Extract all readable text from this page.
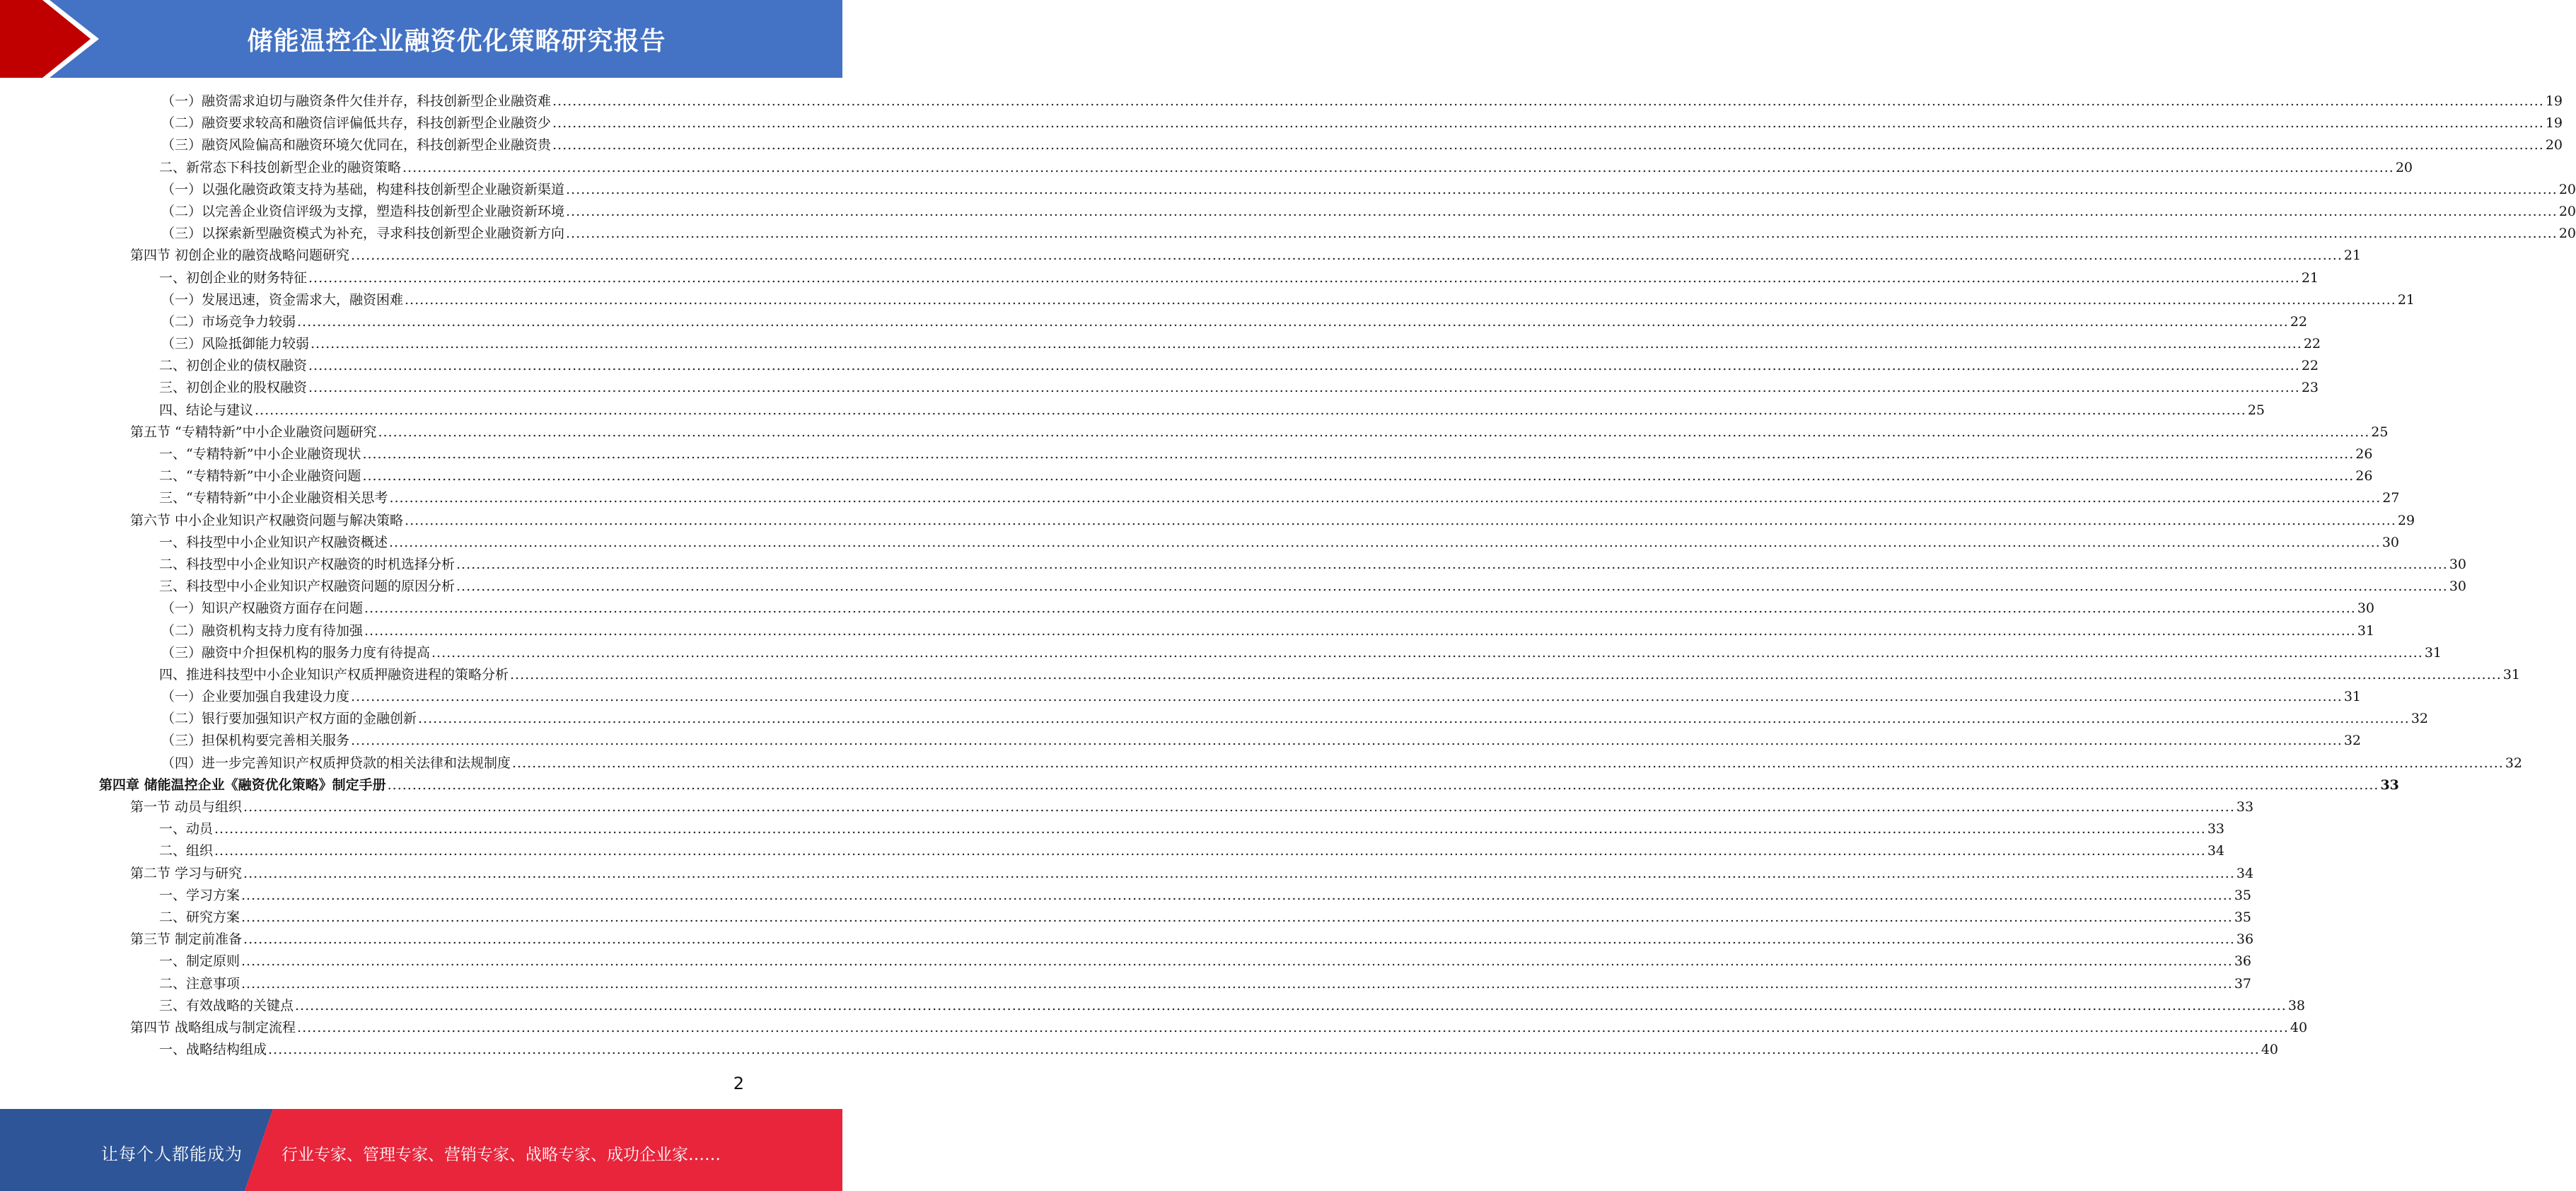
储能温控企业融资优化策略研究报告
（一）融资需求迫切与融资条件欠佳并存，科技创新型企业融资难 ................................................................................................................................................................................................................................................................................................................................................................................................................ 19
（二）融资要求较高和融资信评偏低共存，科技创新型企业融资少 ................................................................................................................................................................................................................................................................................................................................................................................................................ 19
（三）融资风险偏高和融资环境欠优同在，科技创新型企业融资贵 ................................................................................................................................................................................................................................................................................................................................................................................................................ 20
二、新常态下科技创新型企业的融资策略 ................................................................................................................................................................................................................................................................................................................................................................................................................ 20
（一）以强化融资政策支持为基础，构建科技创新型企业融资新渠道 ................................................................................................................................................................................................................................................................................................................................................................................................................ 20
（二）以完善企业资信评级为支撑，塑造科技创新型企业融资新环境 ................................................................................................................................................................................................................................................................................................................................................................................................................ 20
（三）以探索新型融资模式为补充，寻求科技创新型企业融资新方向 ................................................................................................................................................................................................................................................................................................................................................................................................................ 20
第四节 初创企业的融资战略问题研究 ................................................................................................................................................................................................................................................................................................................................................................................................................ 21
一、初创企业的财务特征 ................................................................................................................................................................................................................................................................................................................................................................................................................ 21
（一）发展迅速，资金需求大，融资困难 ................................................................................................................................................................................................................................................................................................................................................................................................................ 21
（二）市场竞争力较弱 ................................................................................................................................................................................................................................................................................................................................................................................................................ 22
（三）风险抵御能力较弱 ................................................................................................................................................................................................................................................................................................................................................................................................................ 22
二、初创企业的债权融资 ................................................................................................................................................................................................................................................................................................................................................................................................................ 22
三、初创企业的股权融资 ................................................................................................................................................................................................................................................................................................................................................................................................................ 23
四、结论与建议 ................................................................................................................................................................................................................................................................................................................................................................................................................ 25
第五节 “专精特新”中小企业融资问题研究 ................................................................................................................................................................................................................................................................................................................................................................................................................ 25
一、“专精特新”中小企业融资现状 ................................................................................................................................................................................................................................................................................................................................................................................................................ 26
二、“专精特新”中小企业融资问题 ................................................................................................................................................................................................................................................................................................................................................................................................................ 26
三、“专精特新”中小企业融资相关思考 ................................................................................................................................................................................................................................................................................................................................................................................................................ 27
第六节 中小企业知识产权融资问题与解决策略 ................................................................................................................................................................................................................................................................................................................................................................................................................ 29
一、科技型中小企业知识产权融资概述 ................................................................................................................................................................................................................................................................................................................................................................................................................ 30
二、科技型中小企业知识产权融资的时机选择分析 ................................................................................................................................................................................................................................................................................................................................................................................................................ 30
三、科技型中小企业知识产权融资问题的原因分析 ................................................................................................................................................................................................................................................................................................................................................................................................................ 30
（一）知识产权融资方面存在问题 ................................................................................................................................................................................................................................................................................................................................................................................................................ 30
（二）融资机构支持力度有待加强 ................................................................................................................................................................................................................................................................................................................................................................................................................ 31
（三）融资中介担保机构的服务力度有待提高 ................................................................................................................................................................................................................................................................................................................................................................................................................ 31
四、推进科技型中小企业知识产权质押融资进程的策略分析 ................................................................................................................................................................................................................................................................................................................................................................................................................ 31
（一）企业要加强自我建设力度 ................................................................................................................................................................................................................................................................................................................................................................................................................ 31
（二）银行要加强知识产权方面的金融创新 ................................................................................................................................................................................................................................................................................................................................................................................................................ 32
（三）担保机构要完善相关服务 ................................................................................................................................................................................................................................................................................................................................................................................................................ 32
（四）进一步完善知识产权质押贷款的相关法律和法规制度 ................................................................................................................................................................................................................................................................................................................................................................................................................ 32
第四章 储能温控企业《融资优化策略》制定手册 ................................................................................................................................................................................................................................................................................................................................................................................................................ 33
第一节 动员与组织 ................................................................................................................................................................................................................................................................................................................................................................................................................ 33
一、动员 ................................................................................................................................................................................................................................................................................................................................................................................................................ 33
二、组织 ................................................................................................................................................................................................................................................................................................................................................................................................................ 34
第二节 学习与研究 ................................................................................................................................................................................................................................................................................................................................................................................................................ 34
一、学习方案 ................................................................................................................................................................................................................................................................................................................................................................................................................ 35
二、研究方案 ................................................................................................................................................................................................................................................................................................................................................................................................................ 35
第三节 制定前准备 ................................................................................................................................................................................................................................................................................................................................................................................................................ 36
一、制定原则 ................................................................................................................................................................................................................................................................................................................................................................................................................ 36
二、注意事项 ................................................................................................................................................................................................................................................................................................................................................................................................................ 37
三、有效战略的关键点 ................................................................................................................................................................................................................................................................................................................................................................................................................ 38
第四节 战略组成与制定流程 ................................................................................................................................................................................................................................................................................................................................................................................................................ 40
一、战略结构组成 ................................................................................................................................................................................................................................................................................................................................................................................................................ 40
2
让每个人都能成为 行业专家、管理专家、营销专家、战略专家、成功企业家……
